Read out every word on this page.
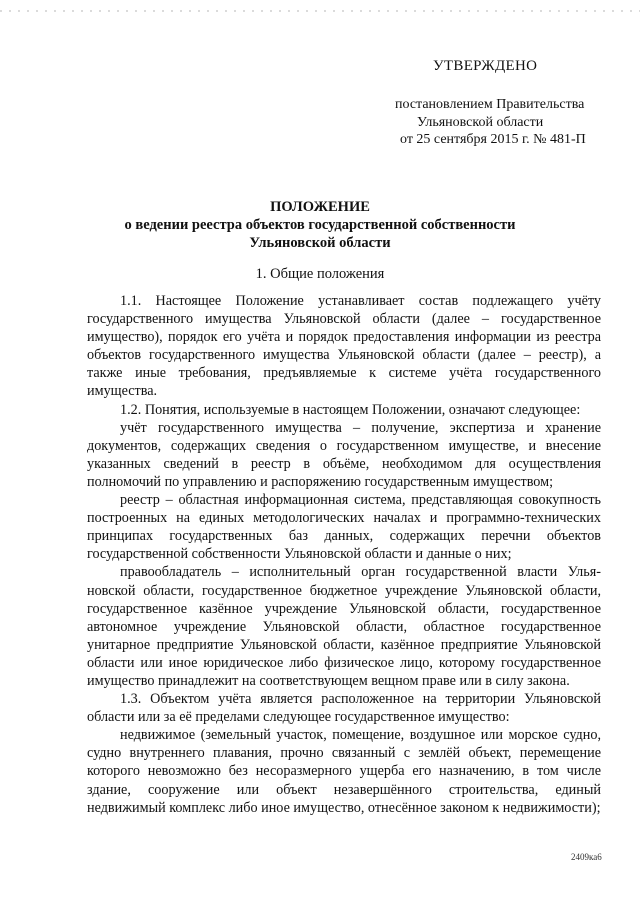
УТВЕРЖДЕНО
постановлением Правительства
Ульяновской области
от 25 сентября 2015 г. № 481-П
ПОЛОЖЕНИЕ
о ведении реестра объектов государственной собственности
Ульяновской области
1. Общие положения

1.1. Настоящее Положение устанавливает состав подлежащего учёту государственного имущества Ульяновской области (далее – государственное имущество), порядок его учёта и порядок предоставления информации из реестра объектов государственного имущества Ульяновской области (далее – реестр), а также иные требования, предъявляемые к системе учёта государственного имущества.

1.2. Понятия, используемые в настоящем Положении, означают следующее:

учёт государственного имущества – получение, экспертиза и хранение документов, содержащих сведения о государственном имуществе, и внесение указанных сведений в реестр в объёме, необходимом для осуществления полномочий по управлению и распоряжению государственным имуществом;

реестр – областная информационная система, представляющая совокупность построенных на единых методологических началах и программно-технических принципах государственных баз данных, содержащих перечни объектов государственной собственности Ульяновской области и данные о них;

правообладатель – исполнительный орган государственной власти Ульяновской области, государственное бюджетное учреждение Ульяновской области, государственное казённое учреждение Ульяновской области, государственное автономное учреждение Ульяновской области, областное государственное унитарное предприятие Ульяновской области, казённое предприятие Ульяновской области или иное юридическое либо физическое лицо, которому государственное имущество принадлежит на соответствующем вещном праве или в силу закона.

1.3. Объектом учёта является расположенное на территории Ульяновской области или за её пределами следующее государственное имущество:

недвижимое (земельный участок, помещение, воздушное или морское судно, судно внутреннего плавания, прочно связанный с землёй объект, перемещение которого невозможно без несоразмерного ущерба его назначению, в том числе здание, сооружение или объект незавершённого строительства, единый недвижимый комплекс либо иное имущество, отнесённое законом к недвижимости);

2409ка6
